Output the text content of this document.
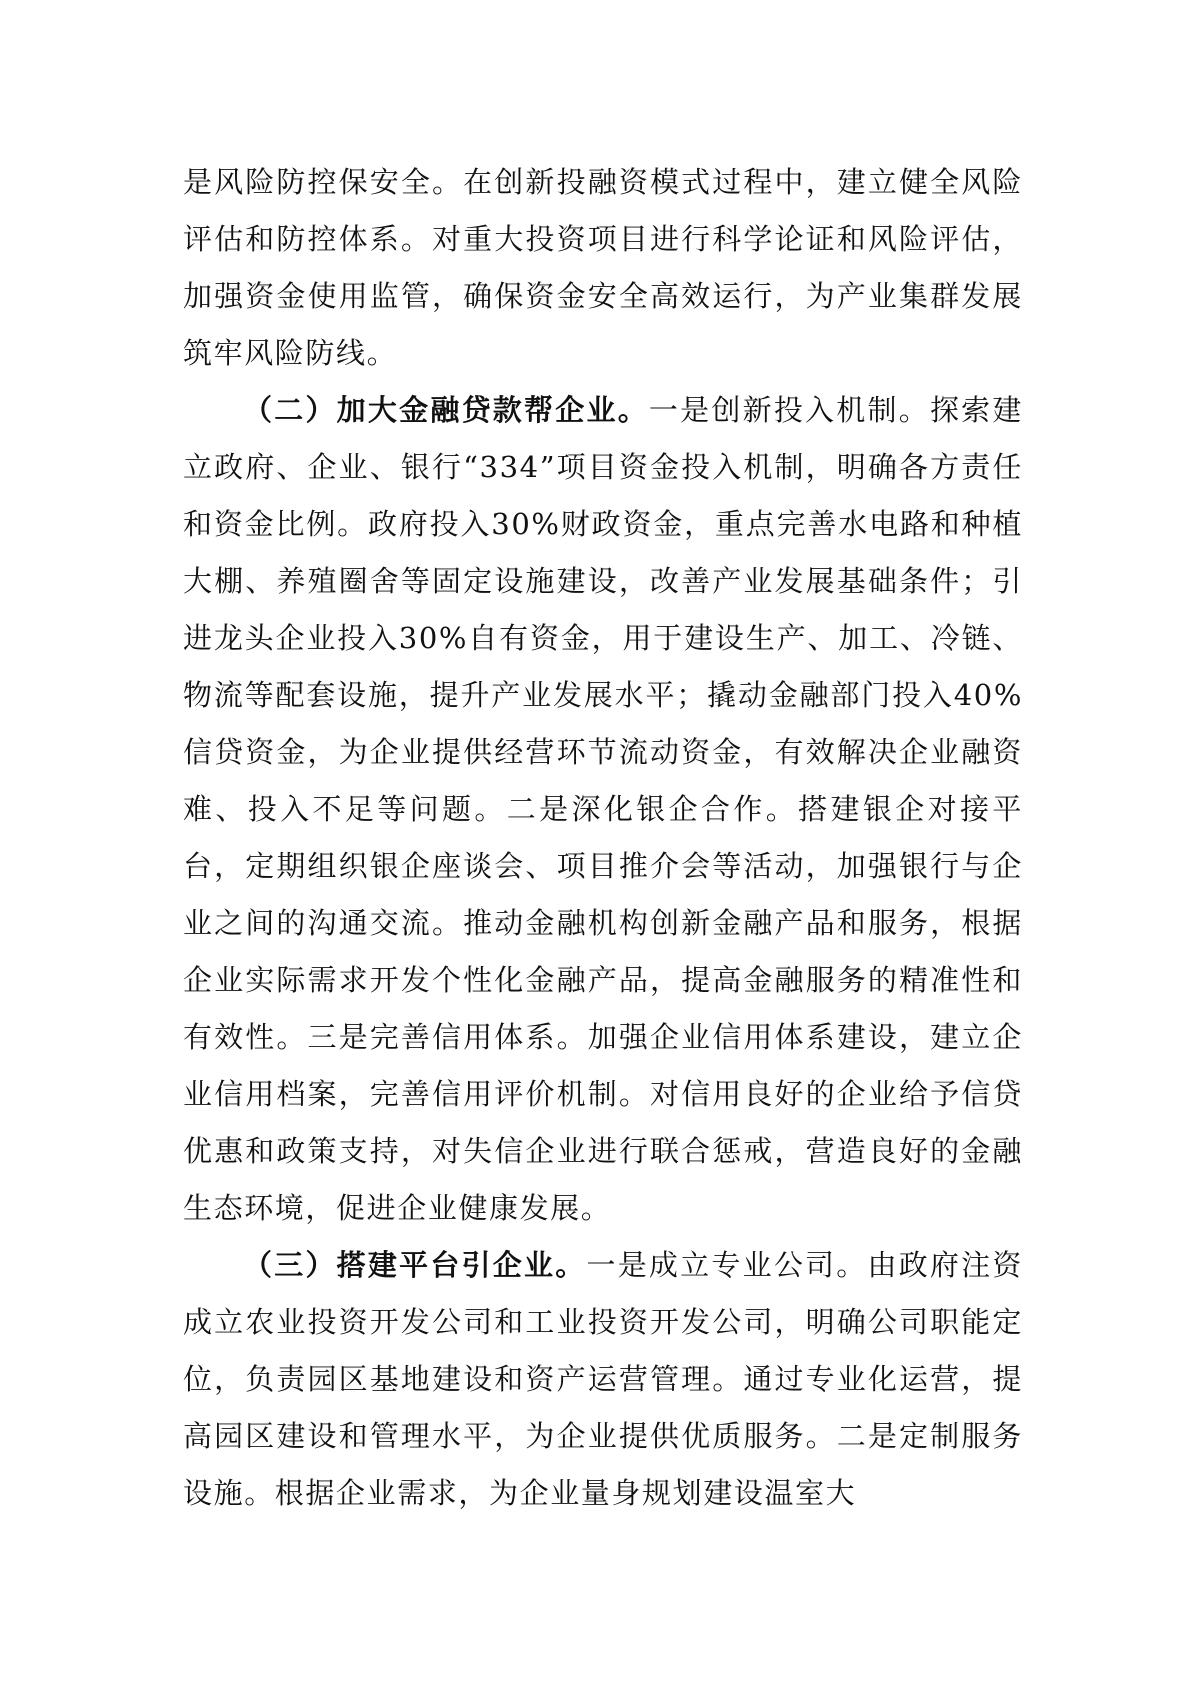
是风险防控保安全。在创新投融资模式过程中，建立健全风险评估和防控体系。对重大投资项目进行科学论证和风险评估，加强资金使用监管，确保资金安全高效运行，为产业集群发展筑牢风险防线。

（二）加大金融贷款帮企业。一是创新投入机制。探索建立政府、企业、银行“334”项目资金投入机制，明确各方责任和资金比例。政府投入30%财政资金，重点完善水电路和种植大棚、养殖圈舍等固定设施建设，改善产业发展基础条件；引进龙头企业投入30%自有资金，用于建设生产、加工、冷链、物流等配套设施，提升产业发展水平；撬动金融部门投入40%信贷资金，为企业提供经营环节流动资金，有效解决企业融资难、投入不足等问题。二是深化银企合作。搭建银企对接平台，定期组织银企座谈会、项目推介会等活动，加强银行与企业之间的沟通交流。推动金融机构创新金融产品和服务，根据企业实际需求开发个性化金融产品，提高金融服务的精准性和有效性。三是完善信用体系。加强企业信用体系建设，建立企业信用档案，完善信用评价机制。对信用良好的企业给予信贷优惠和政策支持，对失信企业进行联合惩戒，营造良好的金融生态环境，促进企业健康发展。

（三）搭建平台引企业。一是成立专业公司。由政府注资成立农业投资开发公司和工业投资开发公司，明确公司职能定位，负责园区基地建设和资产运营管理。通过专业化运营，提高园区建设和管理水平，为企业提供优质服务。二是定制服务设施。根据企业需求，为企业量身规划建设温室大
